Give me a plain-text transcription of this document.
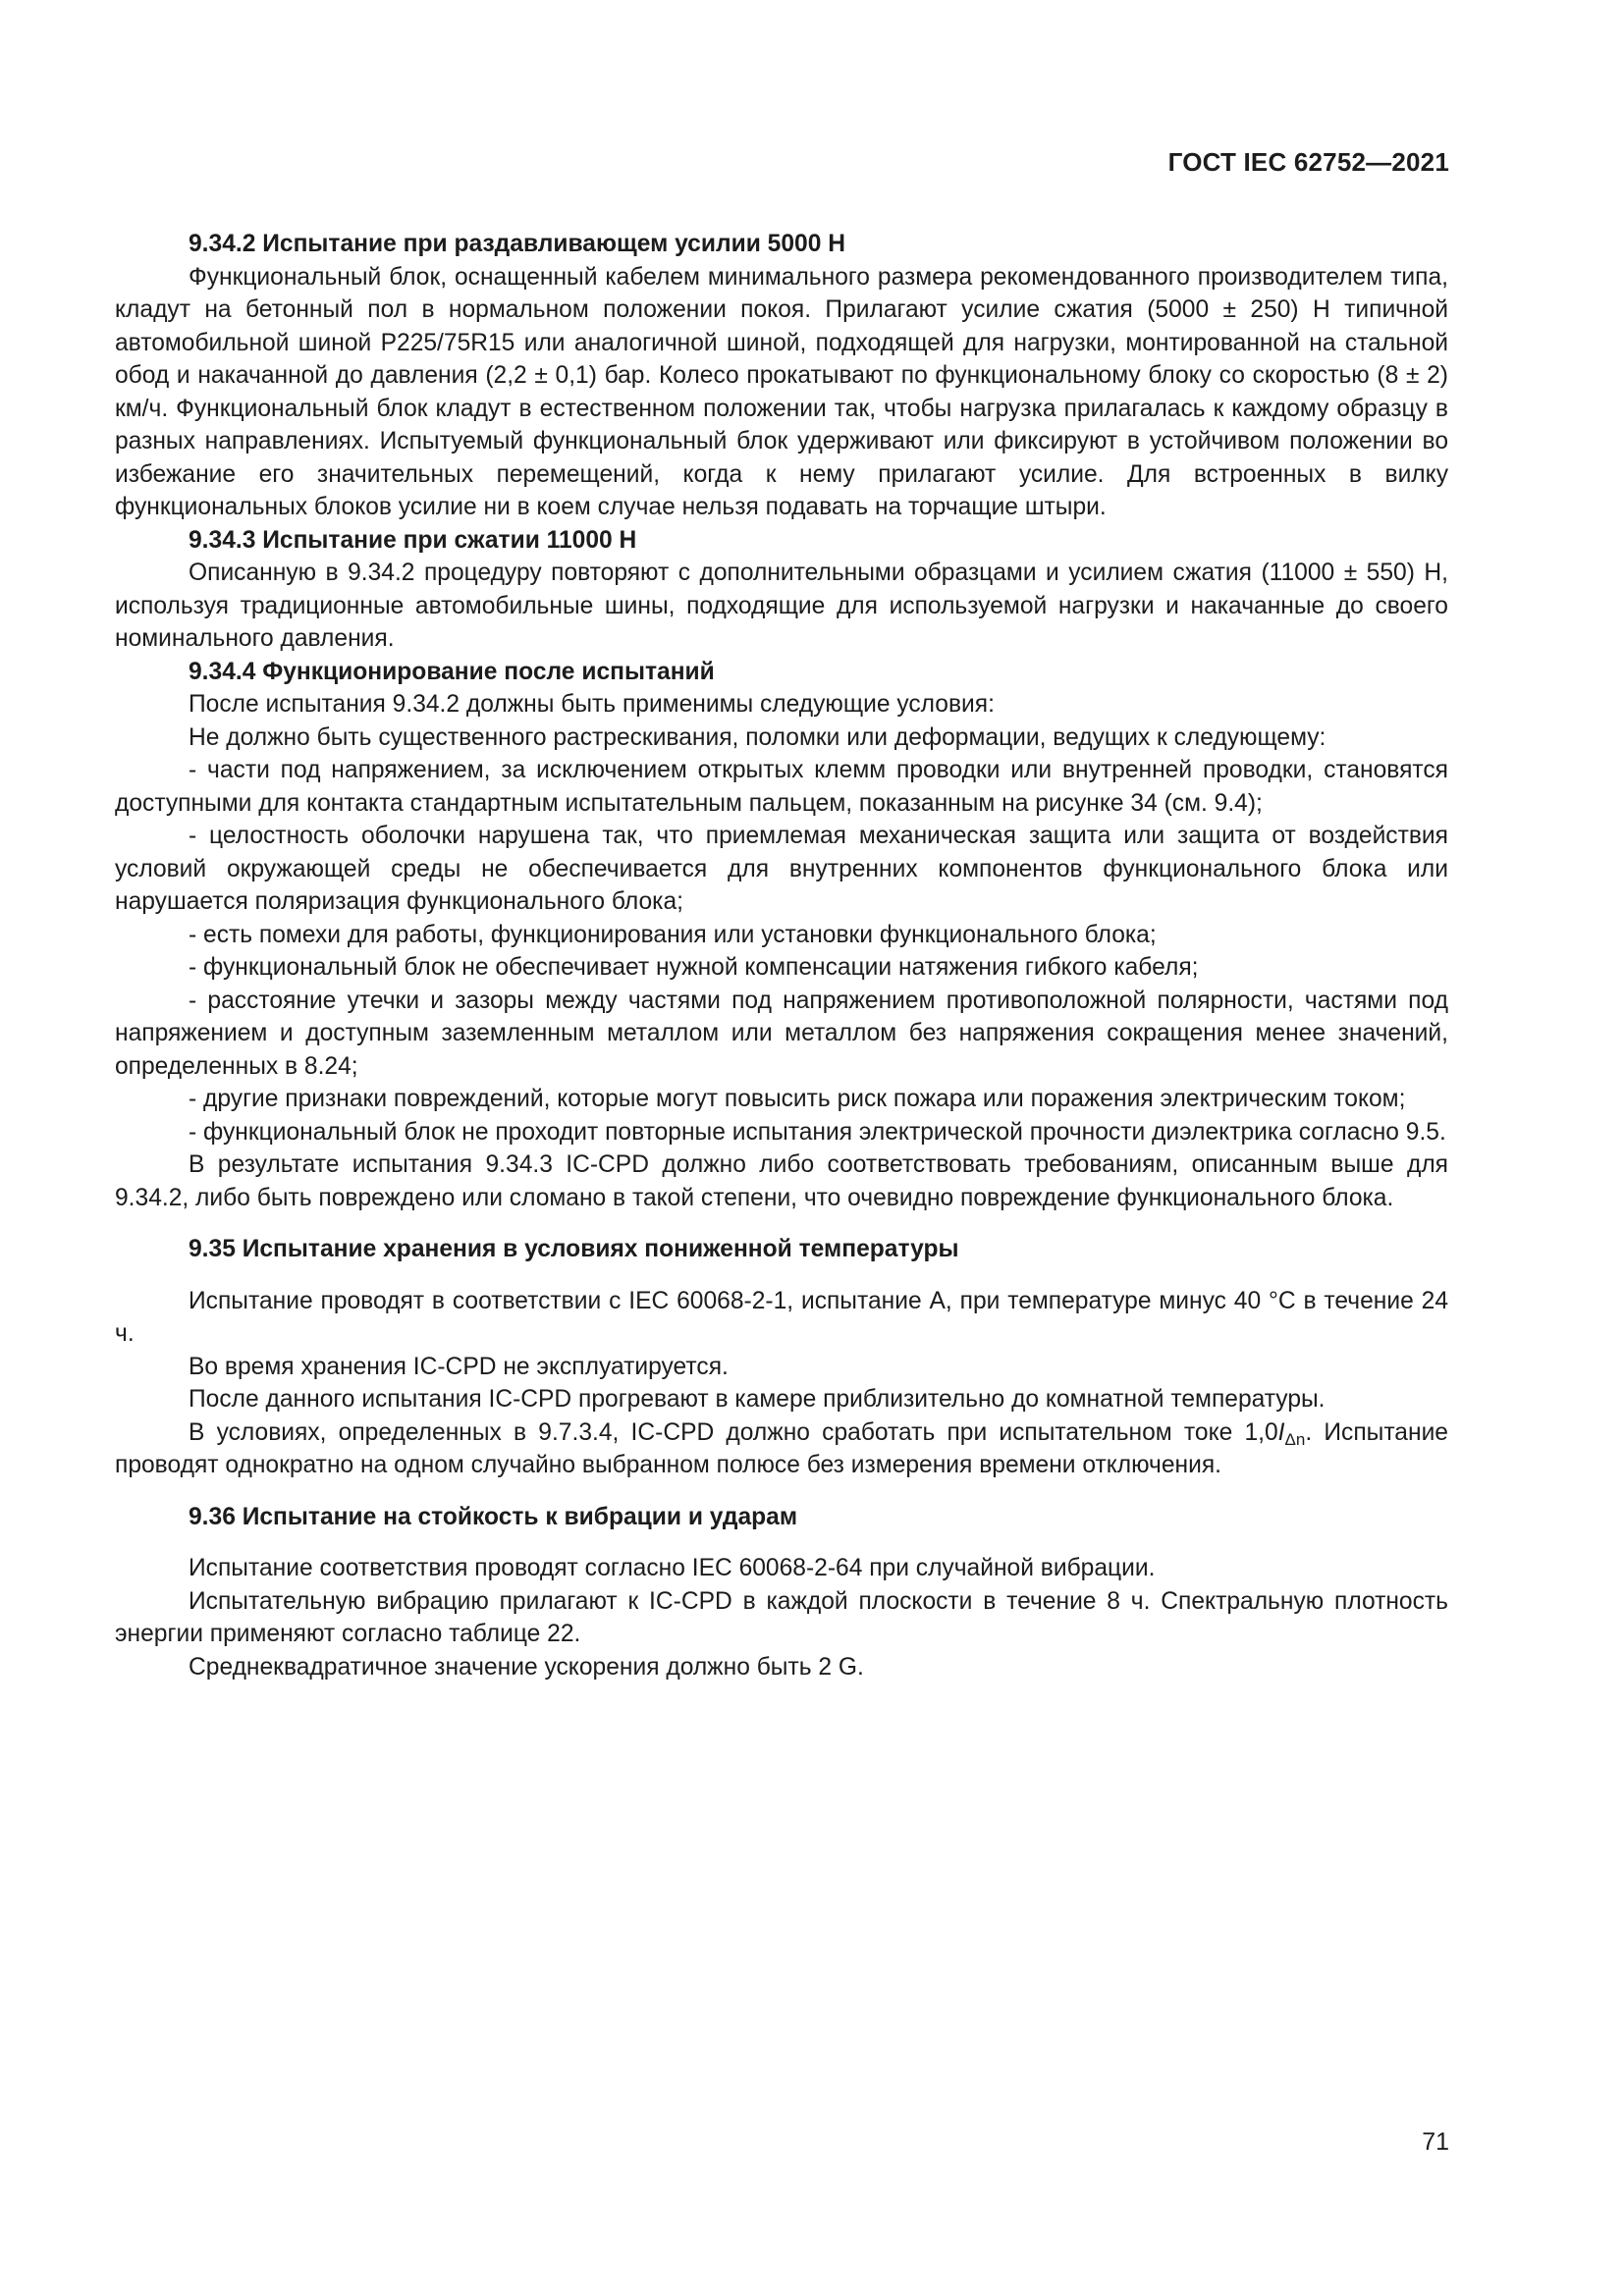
ГОСТ IEC 62752—2021

9.34.2 Испытание при раздавливающем усилии 5000 Н

Функциональный блок, оснащенный кабелем минимального размера рекомендованного производителем типа, кладут на бетонный пол в нормальном положении покоя. Прилагают усилие сжатия (5000 ± 250) Н типичной автомобильной шиной P225/75R15 или аналогичной шиной, подходящей для нагрузки, монтированной на стальной обод и накачанной до давления (2,2 ± 0,1) бар. Колесо прокатывают по функциональному блоку со скоростью (8 ± 2) км/ч. Функциональный блок кладут в естественном положении так, чтобы нагрузка прилагалась к каждому образцу в разных направлениях. Испытуемый функциональный блок удерживают или фиксируют в устойчивом положении во избежание его значительных перемещений, когда к нему прилагают усилие. Для встроенных в вилку функциональных блоков усилие ни в коем случае нельзя подавать на торчащие штыри.

9.34.3 Испытание при сжатии 11000 Н

Описанную в 9.34.2 процедуру повторяют с дополнительными образцами и усилием сжатия (11000 ± 550) Н, используя традиционные автомобильные шины, подходящие для используемой нагрузки и накачанные до своего номинального давления.

9.34.4 Функционирование после испытаний

После испытания 9.34.2 должны быть применимы следующие условия:

Не должно быть существенного растрескивания, поломки или деформации, ведущих к следующему:

- части под напряжением, за исключением открытых клемм проводки или внутренней проводки, становятся доступными для контакта стандартным испытательным пальцем, показанным на рисунке 34 (см. 9.4);

- целостность оболочки нарушена так, что приемлемая механическая защита или защита от воздействия условий окружающей среды не обеспечивается для внутренних компонентов функционального блока или нарушается поляризация функционального блока;

- есть помехи для работы, функционирования или установки функционального блока;

- функциональный блок не обеспечивает нужной компенсации натяжения гибкого кабеля;

- расстояние утечки и зазоры между частями под напряжением противоположной полярности, частями под напряжением и доступным заземленным металлом или металлом без напряжения сокращения менее значений, определенных в 8.24;

- другие признаки повреждений, которые могут повысить риск пожара или поражения электрическим током;

- функциональный блок не проходит повторные испытания электрической прочности диэлектрика согласно 9.5.

В результате испытания 9.34.3 IC-CPD должно либо соответствовать требованиям, описанным выше для 9.34.2, либо быть повреждено или сломано в такой степени, что очевидно повреждение функционального блока.

9.35 Испытание хранения в условиях пониженной температуры

Испытание проводят в соответствии с IEC 60068-2-1, испытание А, при температуре минус 40 °С в течение 24 ч.

Во время хранения IC-CPD не эксплуатируется.

После данного испытания IC-CPD прогревают в камере приблизительно до комнатной температуры.

В условиях, определенных в 9.7.3.4, IC-CPD должно сработать при испытательном токе $1,0I_{\Delta n}$. Испытание проводят однократно на одном случайно выбранном полюсе без измерения времени отключения.

9.36 Испытание на стойкость к вибрации и ударам

Испытание соответствия проводят согласно IEC 60068-2-64 при случайной вибрации.

Испытательную вибрацию прилагают к IC-CPD в каждой плоскости в течение 8 ч. Спектральную плотность энергии применяют согласно таблице 22.

Среднеквадратичное значение ускорения должно быть 2 G.

71
